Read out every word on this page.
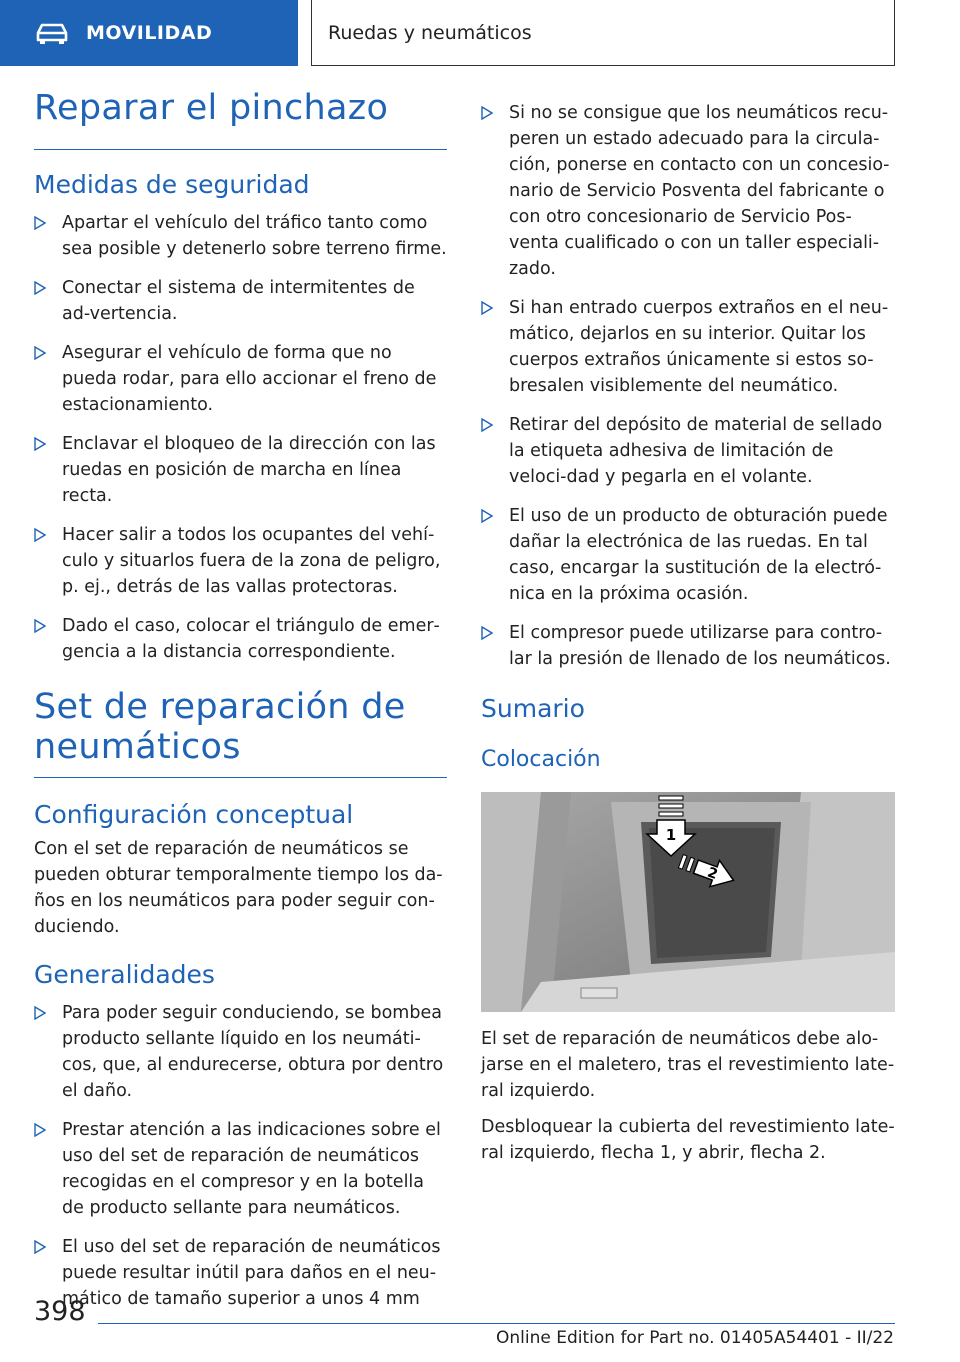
MOVILIDAD	Ruedas y neumáticos
Reparar el pinchazo
Medidas de seguridad
Apartar el vehículo del tráfico tanto como sea posible y detenerlo sobre terreno firme.
Conectar el sistema de intermitentes de ad‐vertencia.
Asegurar el vehículo de forma que no pueda rodar, para ello accionar el freno de estacionamiento.
Enclavar el bloqueo de la dirección con las ruedas en posición de marcha en línea recta.
Hacer salir a todos los ocupantes del vehí‐culo y situarlos fuera de la zona de peligro, p. ej., detrás de las vallas protectoras.
Dado el caso, colocar el triángulo de emer‐gencia a la distancia correspondiente.
Set de reparación de neumáticos
Configuración conceptual
Con el set de reparación de neumáticos se pueden obturar temporalmente tiempo los da‐ños en los neumáticos para poder seguir con‐duciendo.
Generalidades
Para poder seguir conduciendo, se bombea producto sellante líquido en los neumáti‐cos, que, al endurecerse, obtura por dentro el daño.
Prestar atención a las indicaciones sobre el uso del set de reparación de neumáticos recogidas en el compresor y en la botella de producto sellante para neumáticos.
El uso del set de reparación de neumáticos puede resultar inútil para daños en el neu‐mático de tamaño superior a unos 4 mm
Si no se consigue que los neumáticos recu‐peren un estado adecuado para la circula‐ción, ponerse en contacto con un concesio‐nario de Servicio Posventa del fabricante o con otro concesionario de Servicio Pos‐venta cualificado o con un taller especiali‐zado.
Si han entrado cuerpos extraños en el neu‐mático, dejarlos en su interior. Quitar los cuerpos extraños únicamente si estos so‐bresalen visiblemente del neumático.
Retirar del depósito de material de sellado la etiqueta adhesiva de limitación de veloci‐dad y pegarla en el volante.
El uso de un producto de obturación puede dañar la electrónica de las ruedas. En tal caso, encargar la sustitución de la electró‐nica en la próxima ocasión.
El compresor puede utilizarse para contro‐lar la presión de llenado de los neumáticos.
Sumario
Colocación
1
2
El set de reparación de neumáticos debe alo‐jarse en el maletero, tras el revestimiento late‐ral izquierdo.
Desbloquear la cubierta del revestimiento late‐ral izquierdo, flecha 1, y abrir, flecha 2.
398
Online Edition for Part no. 01405A54401 - II/22
